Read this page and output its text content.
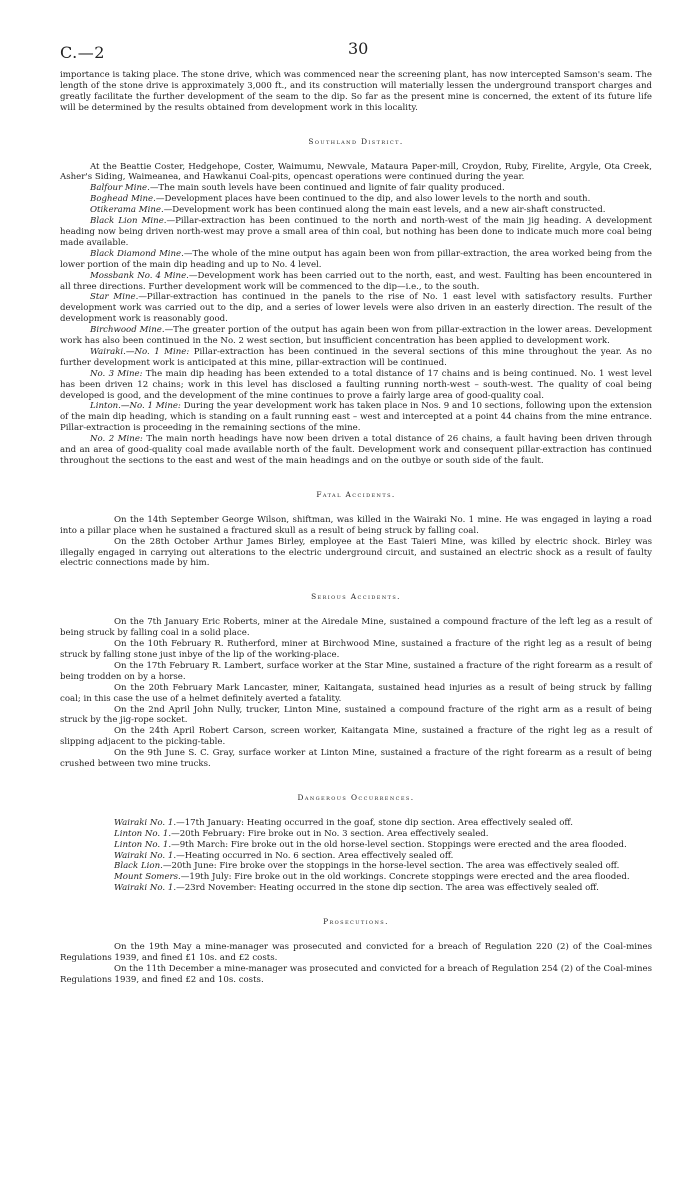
C.—2	30

importance is taking place. The stone drive, which was commenced near the screening plant, has now intercepted Samson's seam. The length of the stone drive is approximately 3,000 ft., and its construction will materially lessen the underground transport charges and greatly facilitate the further development of the seam to the dip. So far as the present mine is concerned, the extent of its future life will be determined by the results obtained from development work in this locality.

Southland District.

At the Beattie Coster, Hedgehope, Coster, Waimumu, Newvale, Mataura Paper-mill, Croydon, Ruby, Firelite, Argyle, Ota Creek, Asher's Siding, Waimeanea, and Hawkanui Coal-pits, opencast operations were continued during the year.

Balfour Mine.—The main south levels have been continued and lignite of fair quality produced.

Boghead Mine.—Development places have been continued to the dip, and also lower levels to the north and south.

Otikerama Mine.—Development work has been continued along the main east levels, and a new air-shaft constructed.

Black Lion Mine.—Pillar-extraction has been continued to the north and north-west of the main jig heading. A development heading now being driven north-west may prove a small area of thin coal, but nothing has been done to indicate much more coal being made available.

Black Diamond Mine.—The whole of the mine output has again been won from pillar-extraction, the area worked being from the lower portion of the main dip heading and up to No. 4 level.

Mossbank No. 4 Mine.—Development work has been carried out to the north, east, and west. Faulting has been encountered in all three directions. Further development work will be commenced to the dip—i.e., to the south.

Star Mine.—Pillar-extraction has continued in the panels to the rise of No. 1 east level with satisfactory results. Further development work was carried out to the dip, and a series of lower levels were also driven in an easterly direction. The result of the development work is reasonably good.

Birchwood Mine.—The greater portion of the output has again been won from pillar-extraction in the lower areas. Development work has also been continued in the No. 2 west section, but insufficient concentration has been applied to development work.

Wairaki.—No. 1 Mine: Pillar-extraction has been continued in the several sections of this mine throughout the year. As no further development work is anticipated at this mine, pillar-extraction will be continued.

No. 3 Mine: The main dip heading has been extended to a total distance of 17 chains and is being continued. No. 1 west level has been driven 12 chains; work in this level has disclosed a faulting running north-west – south-west. The quality of coal being developed is good, and the development of the mine continues to prove a fairly large area of good-quality coal.

Linton.—No. 1 Mine: During the year development work has taken place in Nos. 9 and 10 sections, following upon the extension of the main dip heading, which is standing on a fault running east – west and intercepted at a point 44 chains from the mine entrance. Pillar-extraction is proceeding in the remaining sections of the mine.

No. 2 Mine: The main north headings have now been driven a total distance of 26 chains, a fault having been driven through and an area of good-quality coal made available north of the fault. Development work and consequent pillar-extraction has continued throughout the sections to the east and west of the main headings and on the outbye or south side of the fault.

Fatal Accidents.

On the 14th September George Wilson, shiftman, was killed in the Wairaki No. 1 mine. He was engaged in laying a road into a pillar place when he sustained a fractured skull as a result of being struck by falling coal.

On the 28th October Arthur James Birley, employee at the East Taieri Mine, was killed by electric shock. Birley was illegally engaged in carrying out alterations to the electric underground circuit, and sustained an electric shock as a result of faulty electric connections made by him.

Serious Accidents.

On the 7th January Eric Roberts, miner at the Airedale Mine, sustained a compound fracture of the left leg as a result of being struck by falling coal in a solid place.

On the 10th February R. Rutherford, miner at Birchwood Mine, sustained a fracture of the right leg as a result of being struck by falling stone just inbye of the lip of the working-place.

On the 17th February R. Lambert, surface worker at the Star Mine, sustained a fracture of the right forearm as a result of being trodden on by a horse.

On the 20th February Mark Lancaster, miner, Kaitangata, sustained head injuries as a result of being struck by falling coal; in this case the use of a helmet definitely averted a fatality.

On the 2nd April John Nully, trucker, Linton Mine, sustained a compound fracture of the right arm as a result of being struck by the jig-rope socket.

On the 24th April Robert Carson, screen worker, Kaitangata Mine, sustained a fracture of the right leg as a result of slipping adjacent to the picking-table.

On the 9th June S. C. Gray, surface worker at Linton Mine, sustained a fracture of the right forearm as a result of being crushed between two mine trucks.

Dangerous Occurrences.

Wairaki No. 1.—17th January: Heating occurred in the goaf, stone dip section. Area effectively sealed off.

Linton No. 1.—20th February: Fire broke out in No. 3 section. Area effectively sealed.

Linton No. 1.—9th March: Fire broke out in the old horse-level section. Stoppings were erected and the area flooded.

Wairaki No. 1.—Heating occurred in No. 6 section. Area effectively sealed off.

Black Lion.—20th June: Fire broke over the stoppings in the horse-level section. The area was effectively sealed off.

Mount Somers.—19th July: Fire broke out in the old workings. Concrete stoppings were erected and the area flooded.

Wairaki No. 1.—23rd November: Heating occurred in the stone dip section. The area was effectively sealed off.

Prosecutions.

On the 19th May a mine-manager was prosecuted and convicted for a breach of Regulation 220 (2) of the Coal-mines Regulations 1939, and fined £1 10s. and £2 costs.

On the 11th December a mine-manager was prosecuted and convicted for a breach of Regulation 254 (2) of the Coal-mines Regulations 1939, and fined £2 and 10s. costs.
